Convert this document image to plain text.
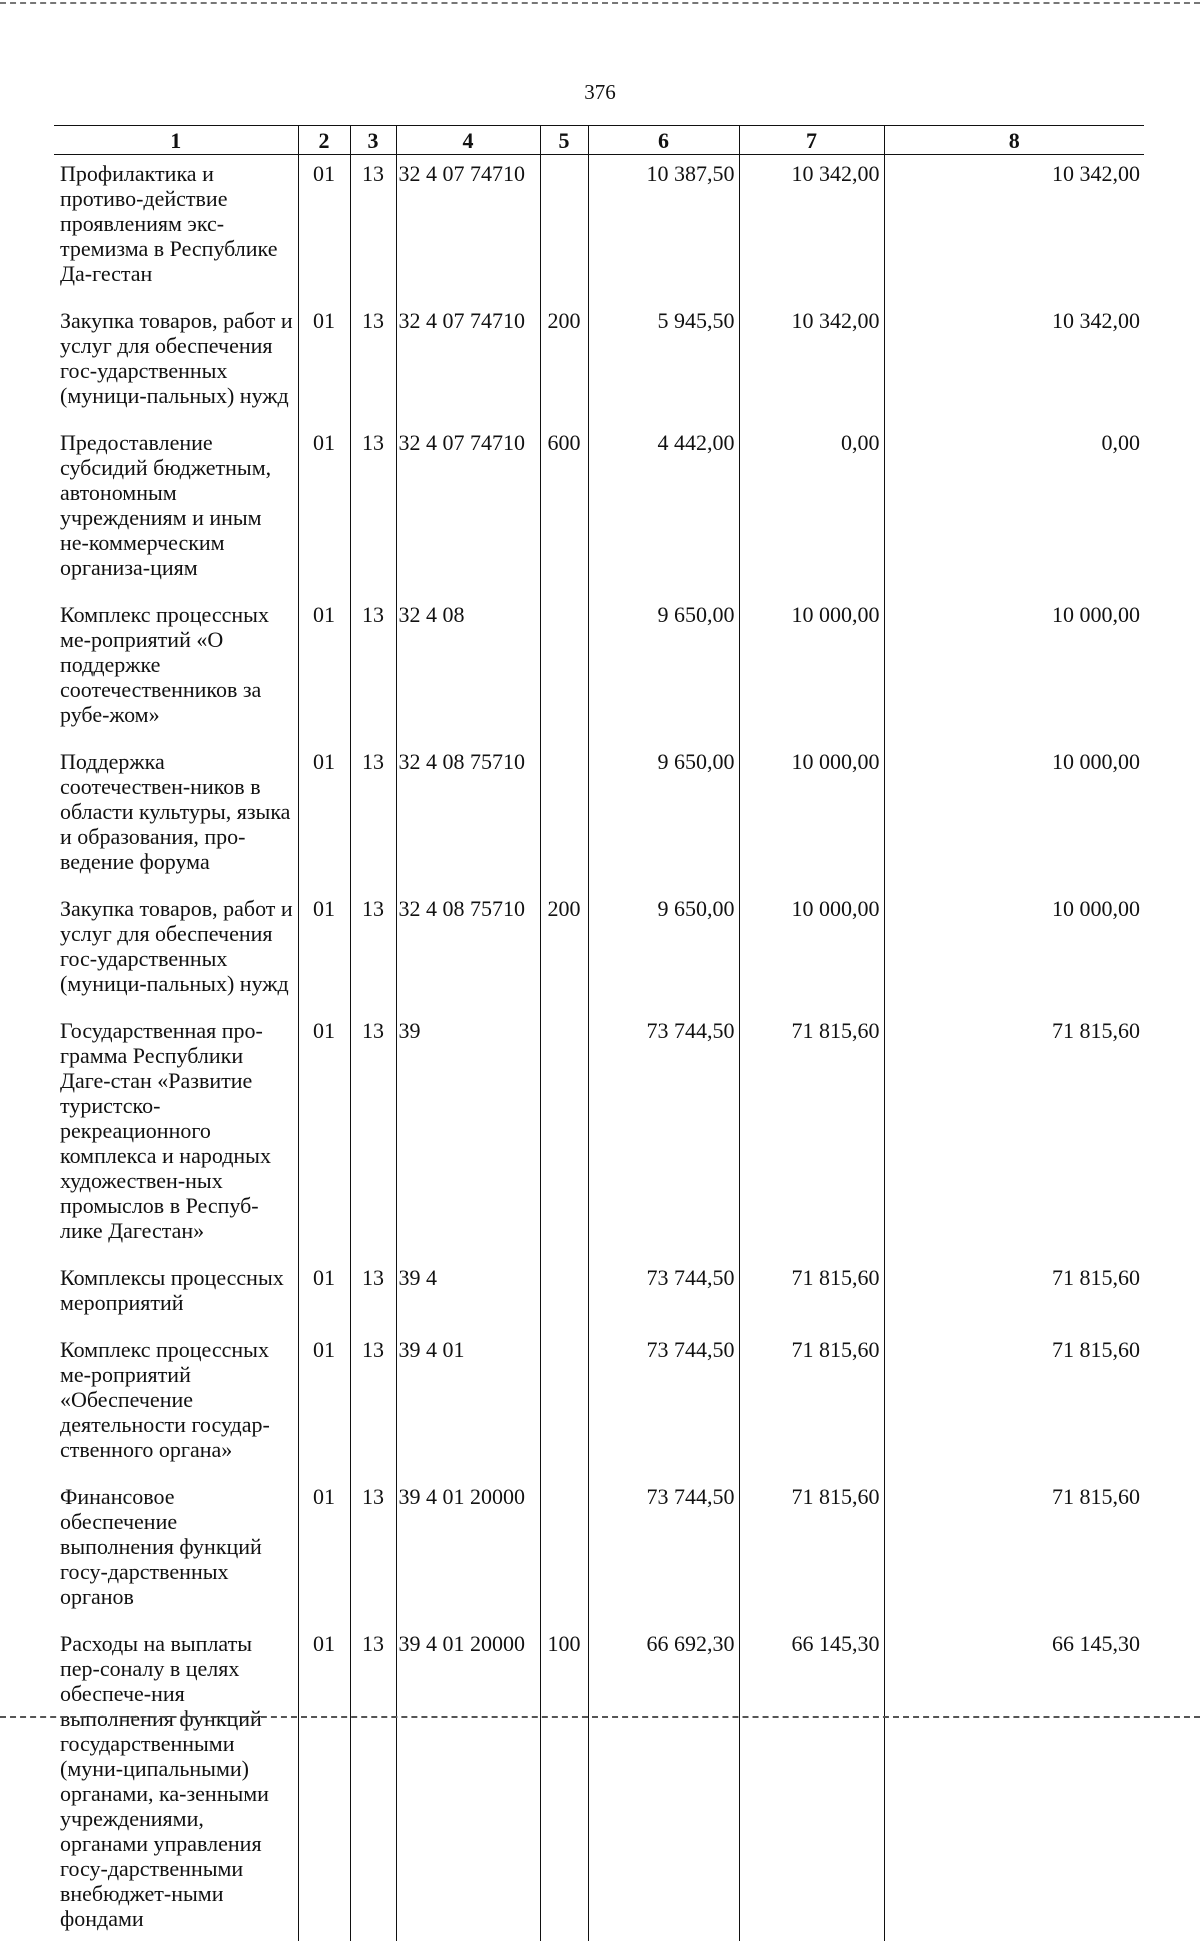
376
1	2	3	4	5	6	7	8
Профилактика и противо-действие проявлениям экс-тремизма в Республике Да-гестан	01	13	32 4 07 74710		10 387,50	10 342,00	10 342,00
Закупка товаров, работ и услуг для обеспечения гос-ударственных (муници-пальных) нужд	01	13	32 4 07 74710	200	5 945,50	10 342,00	10 342,00
Предоставление субсидий бюджетным, автономным учреждениям и иным не-коммерческим организа-циям	01	13	32 4 07 74710	600	4 442,00	0,00	0,00
Комплекс процессных ме-роприятий «О поддержке соотечественников за рубе-жом»	01	13	32 4 08		9 650,00	10 000,00	10 000,00
Поддержка соотечествен-ников в области культуры, языка и образования, про-ведение форума	01	13	32 4 08 75710		9 650,00	10 000,00	10 000,00
Закупка товаров, работ и услуг для обеспечения гос-ударственных (муници-пальных) нужд	01	13	32 4 08 75710	200	9 650,00	10 000,00	10 000,00
Государственная про-грамма Республики Даге-стан «Развитие туристско-рекреационного комплекса и народных художествен-ных промыслов в Респуб-лике Дагестан»	01	13	39		73 744,50	71 815,60	71 815,60
Комплексы процессных мероприятий	01	13	39 4		73 744,50	71 815,60	71 815,60
Комплекс процессных ме-роприятий «Обеспечение деятельности государ-ственного органа»	01	13	39 4 01		73 744,50	71 815,60	71 815,60
Финансовое обеспечение выполнения функций госу-дарственных органов	01	13	39 4 01 20000		73 744,50	71 815,60	71 815,60
Расходы на выплаты пер-соналу в целях обеспече-ния выполнения функций государственными (муни-ципальными) органами, ка-зенными учреждениями, органами управления госу-дарственными внебюджет-ными фондами	01	13	39 4 01 20000	100	66 692,30	66 145,30	66 145,30
